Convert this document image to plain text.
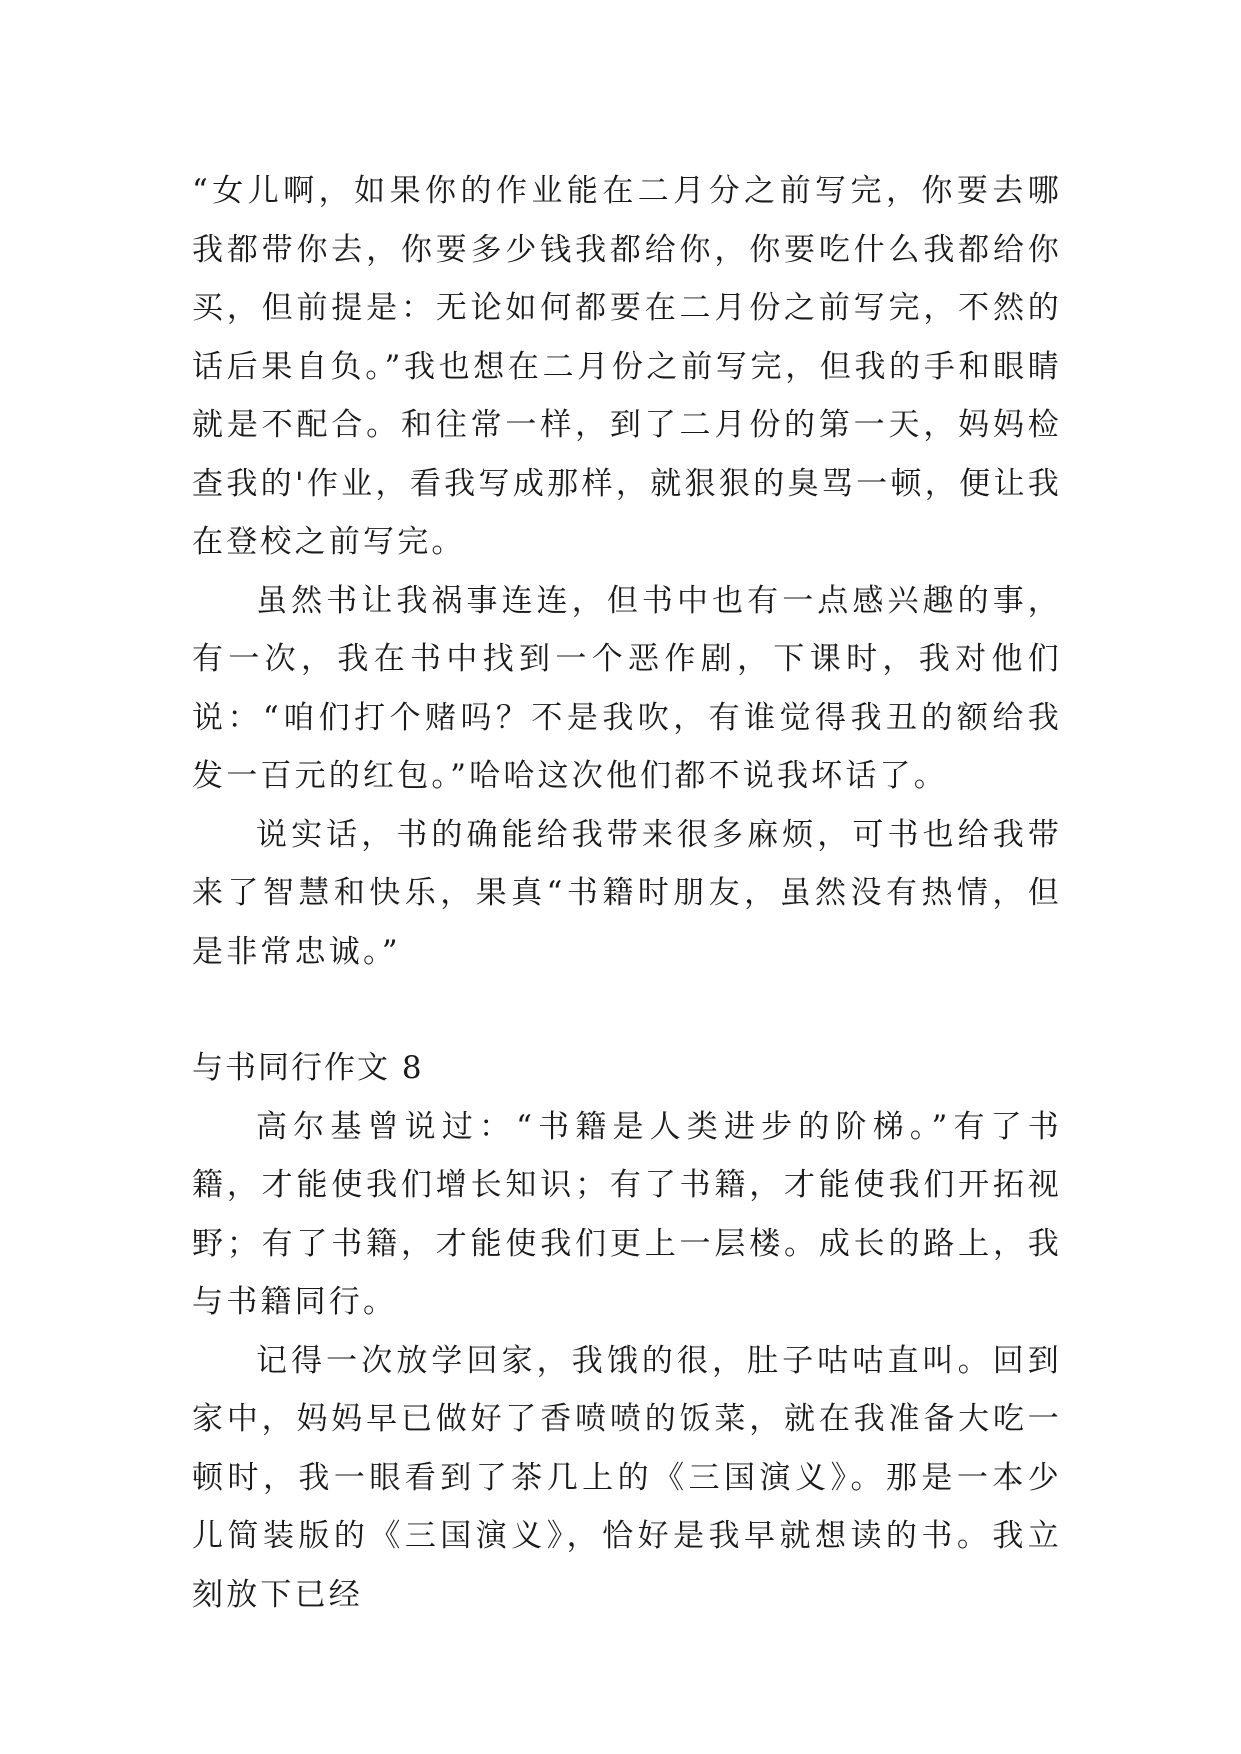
“女儿啊，如果你的作业能在二月分之前写完，你要去哪我都带你去，你要多少钱我都给你，你要吃什么我都给你买，但前提是：无论如何都要在二月份之前写完，不然的话后果自负。”我也想在二月份之前写完，但我的手和眼睛就是不配合。和往常一样，到了二月份的第一天，妈妈检查我的'作业，看我写成那样，就狠狠的臭骂一顿，便让我在登校之前写完。

虽然书让我祸事连连，但书中也有一点感兴趣的事，有一次，我在书中找到一个恶作剧，下课时，我对他们说：“咱们打个赌吗？不是我吹，有谁觉得我丑的额给我发一百元的红包。”哈哈这次他们都不说我坏话了。

说实话，书的确能给我带来很多麻烦，可书也给我带来了智慧和快乐，果真“书籍时朋友，虽然没有热情，但是非常忠诚。”

与书同行作文 8

高尔基曾说过：“书籍是人类进步的阶梯。”有了书籍，才能使我们增长知识；有了书籍，才能使我们开拓视野；有了书籍，才能使我们更上一层楼。成长的路上，我与书籍同行。

记得一次放学回家，我饿的很，肚子咕咕直叫。回到家中，妈妈早已做好了香喷喷的饭菜，就在我准备大吃一顿时，我一眼看到了茶几上的《三国演义》。那是一本少儿简装版的《三国演义》，恰好是我早就想读的书。我立刻放下已经
